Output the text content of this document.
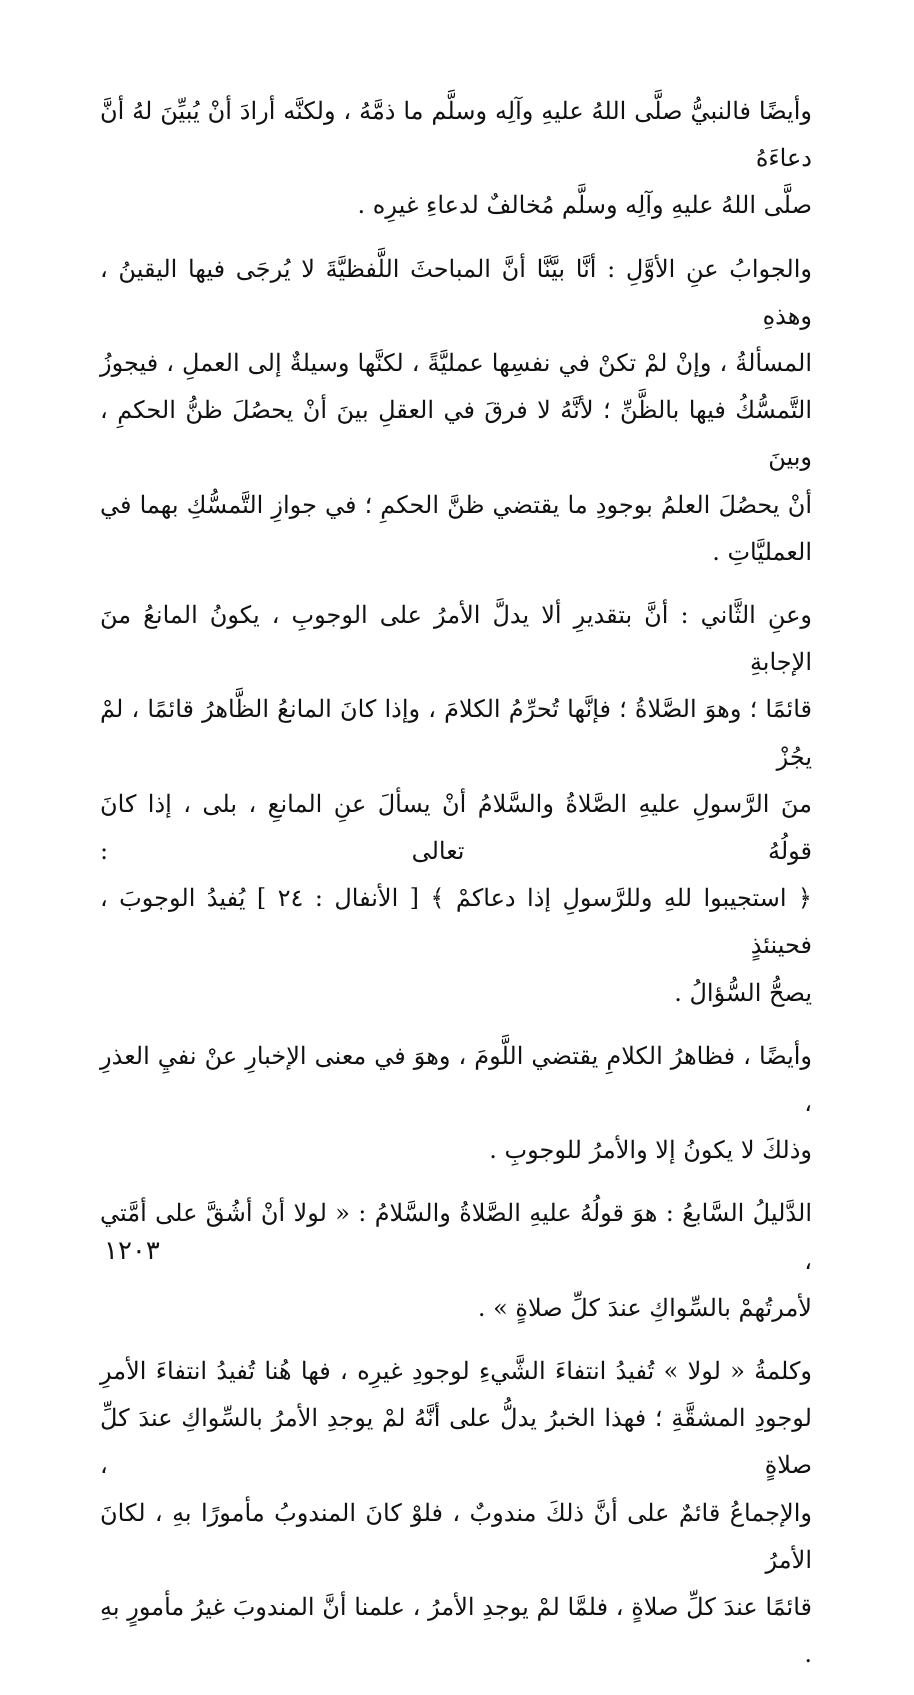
وأيضًا فالنبيُّ صلَّى اللهُ عليهِ وآلِه وسلَّم ما ذمَّهُ ، ولكنَّه أرادَ أنْ يُبيِّنَ لهُ أنَّ دعاءَهُ

صلَّى اللهُ عليهِ وآلِه وسلَّم مُخالفٌ لدعاءِ غيرِه .

والجوابُ عنِ الأوَّلِ : أنَّا بيَّنَّا أنَّ المباحثَ اللَّفظيَّةَ لا يُرجَى فيها اليقينُ ، وهذهِ

المسألةُ ، وإنْ لمْ تكنْ في نفسِها عمليَّةً ، لكنَّها وسيلةٌ إلى العملِ ، فيجوزُ

التَّمسُّكُ فيها بالظَّنِّ ؛ لأنَّهُ لا فرقَ في العقلِ بينَ أنْ يحصُلَ ظنُّ الحكمِ ، وبينَ

أنْ يحصُلَ العلمُ بوجودِ ما يقتضي ظنَّ الحكمِ ؛ في جوازِ التَّمسُّكِ بهما في

العمليَّاتِ .

وعنِ الثَّاني : أنَّ بتقديرِ ألا يدلَّ الأمرُ على الوجوبِ ، يكونُ المانعُ منَ الإجابةِ

قائمًا ؛ وهوَ الصَّلاةُ ؛ فإنَّها تُحرِّمُ الكلامَ ، وإذا كانَ المانعُ الظَّاهرُ قائمًا ، لمْ يجُزْ

منَ الرَّسولِ عليهِ الصَّلاةُ والسَّلامُ أنْ يسألَ عنِ المانعِ ، بلى ، إذا كانَ قولُهُ تعالى :

﴿ استجيبوا للهِ وللرَّسولِ إذا دعاكمْ ﴾ [ الأنفال : ٢٤ ] يُفيدُ الوجوبَ ، فحينئذٍ

يصحُّ السُّؤالُ .

وأيضًا ، فظاهرُ الكلامِ يقتضي اللَّومَ ، وهوَ في معنى الإخبارِ عنْ نفيِ العذرِ ،

وذلكَ لا يكونُ إلا والأمرُ للوجوبِ .

الدَّليلُ السَّابعُ : هوَ قولُهُ عليهِ الصَّلاةُ والسَّلامُ : « لولا أنْ أشُقَّ على أمَّتي ،

لأمرتُهمْ بالسِّواكِ عندَ كلِّ صلاةٍ » .

وكلمةُ « لولا » تُفيدُ انتفاءَ الشَّيءِ لوجودِ غيرِه ، فها هُنا تُفيدُ انتفاءَ الأمرِ

لوجودِ المشقَّةِ ؛ فهذا الخبرُ يدلُّ على أنَّهُ لمْ يوجدِ الأمرُ بالسِّواكِ عندَ كلِّ صلاةٍ ،

والإجماعُ قائمٌ على أنَّ ذلكَ مندوبٌ ، فلوْ كانَ المندوبُ مأمورًا بهِ ، لكانَ الأمرُ

قائمًا عندَ كلِّ صلاةٍ ، فلمَّا لمْ يوجدِ الأمرُ ، علمنا أنَّ المندوبَ غيرُ مأمورٍ بهِ .

١٢٠٣
